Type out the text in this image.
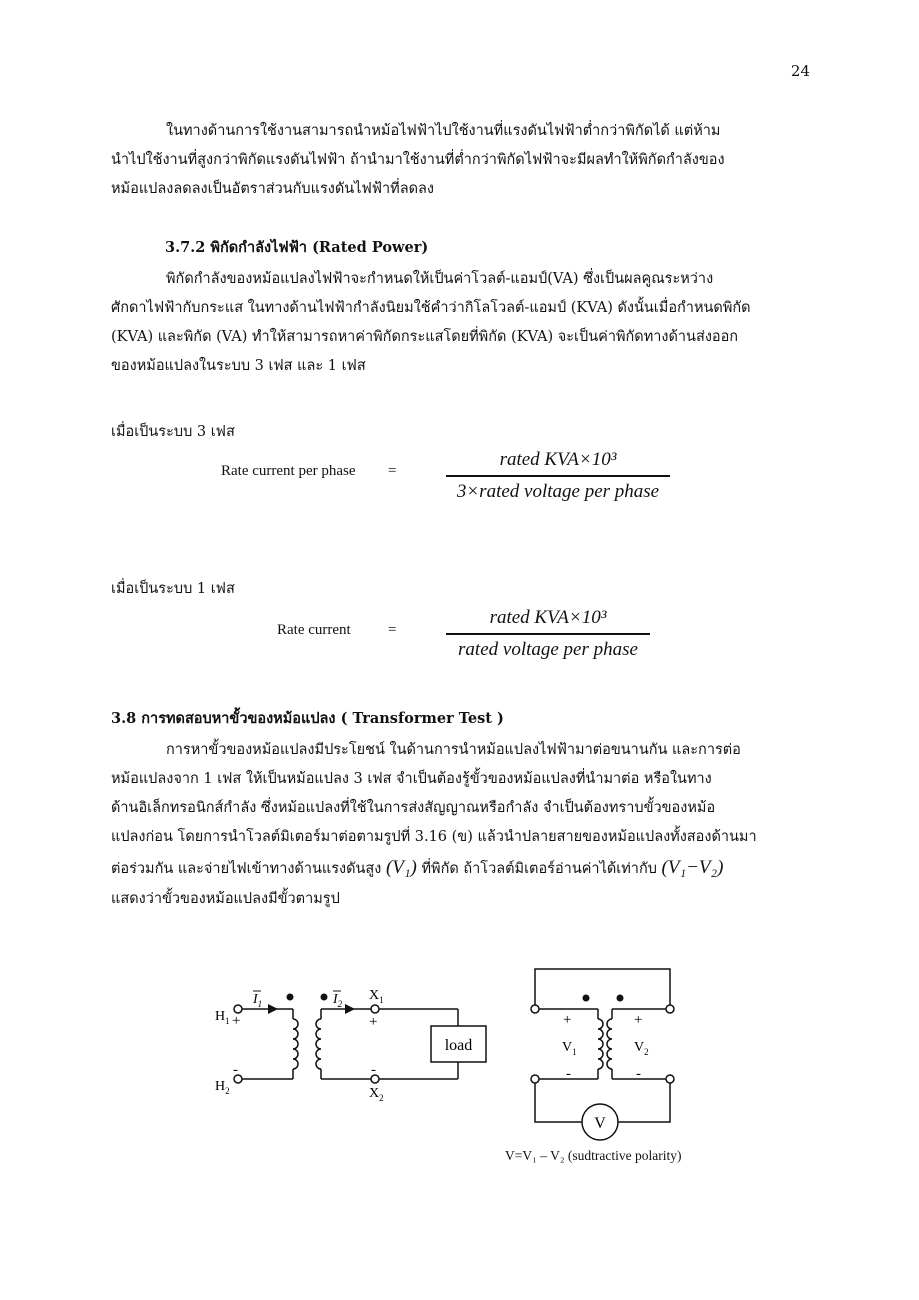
24
ในทางด้านการใช้งานสามารถนำหม้อไฟฟ้าไปใช้งานที่แรงดันไฟฟ้าต่ำกว่าพิกัดได้ แต่ห้าม
นำไปใช้งานที่สูงกว่าพิกัดแรงดันไฟฟ้า ถ้านำมาใช้งานที่ต่ำกว่าพิกัดไฟฟ้าจะมีผลทำให้พิกัดกำลังของ
หม้อแปลงลดลงเป็นอัตราส่วนกับแรงดันไฟฟ้าที่ลดลง
3.7.2 พิกัดกำลังไฟฟ้า (Rated Power)
พิกัดกำลังของหม้อแปลงไฟฟ้าจะกำหนดให้เป็นค่าโวลต์-แอมป์(VA) ซึ่งเป็นผลคูณระหว่าง
ศักดาไฟฟ้ากับกระแส ในทางด้านไฟฟ้ากำลังนิยมใช้คำว่ากิโลโวลต์-แอมป์ (KVA) ดังนั้นเมื่อกำหนดพิกัด
(KVA) และพิกัด (VA) ทำให้สามารถหาค่าพิกัดกระแสโดยที่พิกัด (KVA) จะเป็นค่าพิกัดทางด้านส่งออก
ของหม้อแปลงในระบบ 3 เฟส และ 1 เฟส
เมื่อเป็นระบบ 3 เฟส
Rate current per phase =
rated KVA×10³
3×rated voltage per phase
เมื่อเป็นระบบ 1 เฟส
Rate current =
rated KVA×10³
rated voltage per phase
3.8 การทดสอบหาขั้วของหม้อแปลง ( Transformer Test )
การหาขั้วของหม้อแปลงมีประโยชน์ ในด้านการนำหม้อแปลงไฟฟ้ามาต่อขนานกัน และการต่อ
หม้อแปลงจาก 1 เฟส ให้เป็นหม้อแปลง 3 เฟส จำเป็นต้องรู้ขั้วของหม้อแปลงที่นำมาต่อ หรือในทาง
ด้านอิเล็กทรอนิกส์กำลัง ซึ่งหม้อแปลงที่ใช้ในการส่งสัญญาณหรือกำลัง จำเป็นต้องทราบขั้วของหม้อ
แปลงก่อน โดยการนำโวลต์มิเตอร์มาต่อตามรูปที่ 3.16 (ข) แล้วนำปลายสายของหม้อแปลงทั้งสองด้านมา
ต่อร่วมกัน และจ่ายไฟเข้าทางด้านแรงดันสูง (V₁) ที่พิกัด ถ้าโวลต์มิเตอร์อ่านค่าได้เท่ากับ (V₁−V₂)
แสดงว่าขั้วของหม้อแปลงมีขั้วตามรูป
$H_1$
$H_2$
+
-
$I_1$	$I_2$
$X_1$
+
-
$X_2$
load
+	+
-	-
$V_1$	$V_2$
V
V=V₁ – V₂ (sudtractive polarity)
